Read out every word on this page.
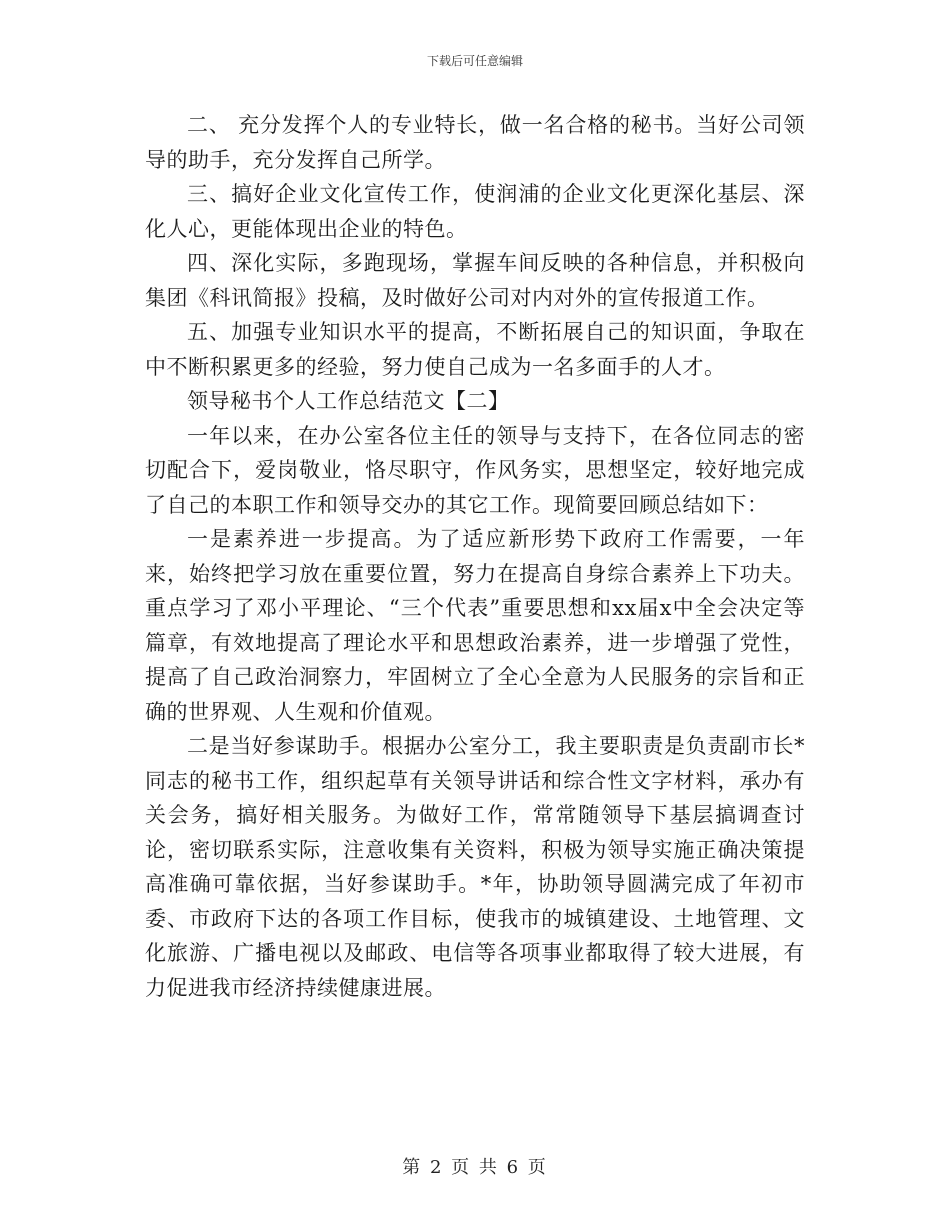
下载后可任意编辑

二、 充分发挥个人的专业特长，做一名合格的秘书。当好公司领导的助手，充分发挥自己所学。

三、搞好企业文化宣传工作，使润浦的企业文化更深化基层、深化人心，更能体现出企业的特色。

四、深化实际，多跑现场，掌握车间反映的各种信息，并积极向集团《科讯简报》投稿，及时做好公司对内对外的宣传报道工作。

五、加强专业知识水平的提高，不断拓展自己的知识面，争取在中不断积累更多的经验，努力使自己成为一名多面手的人才。

领导秘书个人工作总结范文【二】

一年以来，在办公室各位主任的领导与支持下，在各位同志的密切配合下，爱岗敬业，恪尽职守，作风务实，思想坚定，较好地完成了自己的本职工作和领导交办的其它工作。现简要回顾总结如下：

一是素养进一步提高。为了适应新形势下政府工作需要，一年来，始终把学习放在重要位置，努力在提高自身综合素养上下功夫。重点学习了邓小平理论、“三个代表”重要思想和xx届x中全会决定等篇章，有效地提高了理论水平和思想政治素养，进一步增强了党性，提高了自己政治洞察力，牢固树立了全心全意为人民服务的宗旨和正确的世界观、人生观和价值观。

二是当好参谋助手。根据办公室分工，我主要职责是负责副市长*同志的秘书工作，组织起草有关领导讲话和综合性文字材料，承办有关会务，搞好相关服务。为做好工作，常常随领导下基层搞调查讨论，密切联系实际，注意收集有关资料，积极为领导实施正确决策提高准确可靠依据，当好参谋助手。*年，协助领导圆满完成了年初市委、市政府下达的各项工作目标，使我市的城镇建设、土地管理、文化旅游、广播电视以及邮政、电信等各项事业都取得了较大进展，有力促进我市经济持续健康进展。

第 2 页 共 6 页
